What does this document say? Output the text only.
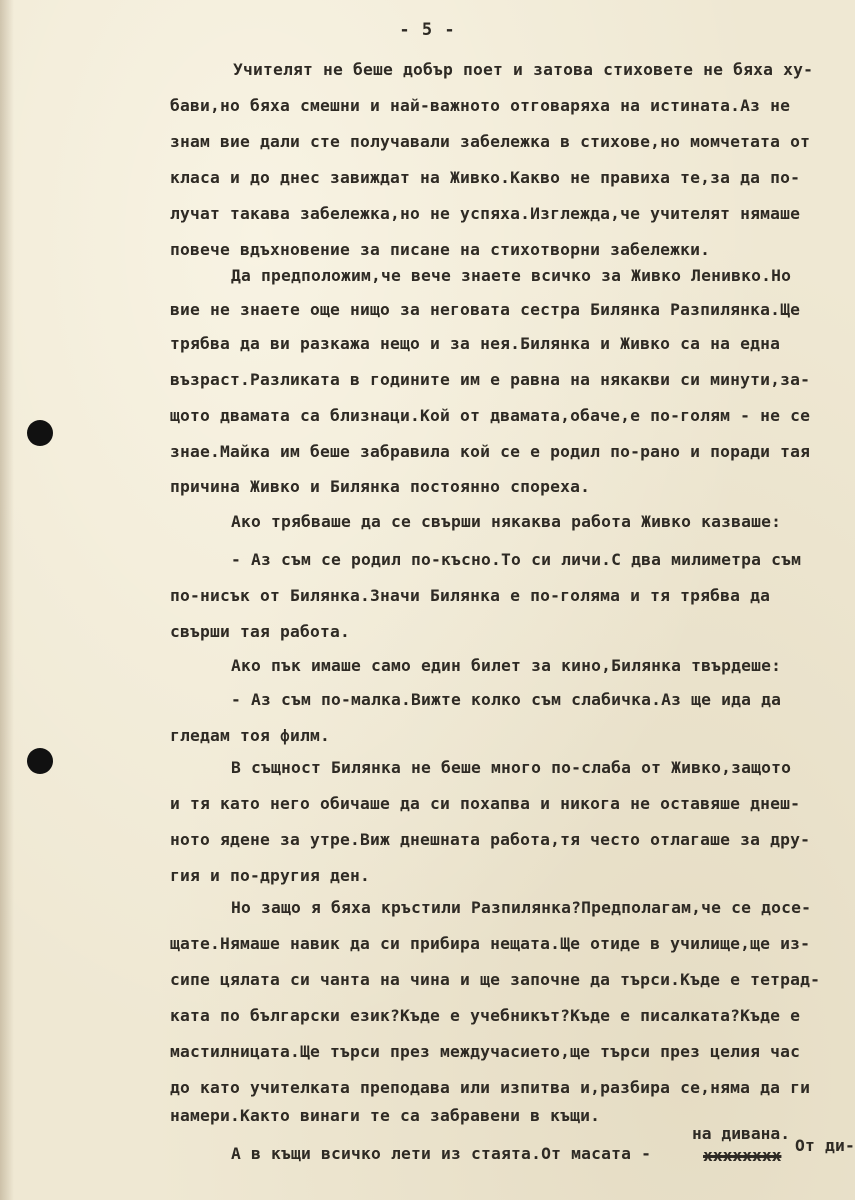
- 5 -

Учителят не беше добър поет и затова стиховете не бяха ху-

бави,но бяха смешни и най-важното отговаряха на истината.Аз не

знам вие дали сте получавали забележка в стихове,но момчетата от

класа и до днес завиждат на Живко.Какво не правиха те,за да по-

лучат такава забележка,но не успяха.Изглежда,че учителят нямаше

повече вдъхновение за писане на стихотворни забележки.

Да предположим,че вече знаете всичко за Живко Ленивко.Но

вие не знаете още нищо за неговата сестра Билянка Разпилянка.Ще

трябва да ви разкажа нещо и за нея.Билянка и Живко са на една

възраст.Разликата в годините им е равна на някакви си минути,за-

щото двамата са близнаци.Кой от двамата,обаче,е по-голям - не се

знае.Майка им беше забравила кой се е родил по-рано и поради тая

причина Живко и Билянка постоянно спореха.

Ако трябваше да се свърши някаква работа Живко казваше:

- Аз съм се родил по-късно.То си личи.С два милиметра съм

по-нисък от Билянка.Значи Билянка е по-голяма и тя трябва да

свърши тая работа.

Ако пък имаше само един билет за кино,Билянка твърдеше:

- Аз съм по-малка.Вижте колко съм слабичка.Аз ще ида да

гледам тоя филм.

В същност Билянка не беше много по-слаба от Живко,защото

и тя като него обичаше да си похапва и никога не оставяше днеш-

ното ядене за утре.Виж днешната работа,тя често отлагаше за дру-

гия и по-другия ден.

Но защо я бяха кръстили Разпилянка?Предполагам,че се досе-

щате.Нямаше навик да си прибира нещата.Ще отиде в училище,ще из-

сипе цялата си чанта на чина и ще започне да търси.Къде е тетрад-

ката по български език?Къде е учебникът?Къде е писалката?Къде е

мастилницата.Ще търси през междучасието,ще търси през целия час

до като учителката преподава или изпитва и,разбира се,няма да ги

намери.Както винаги те са забравени в къщи.

А в къщи всичко лети из стаята.От масата -

на дивана.

xxxxxxxx

От ди-
